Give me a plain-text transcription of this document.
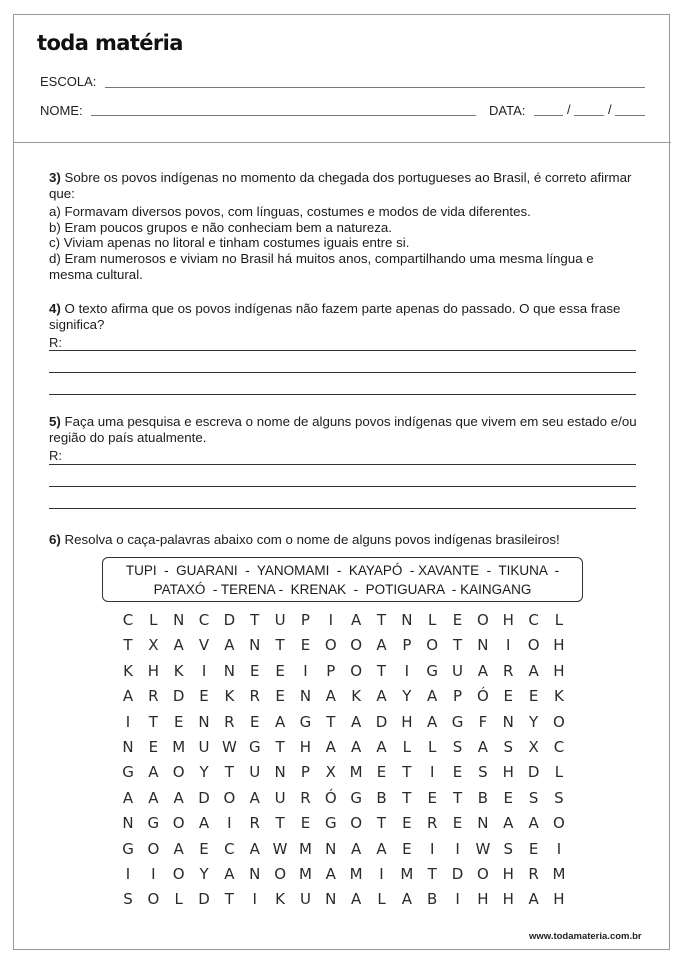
toda matéria
ESCOLA:
NOME:	DATA:	/	/
3) Sobre os povos indígenas no momento da chegada dos portugueses ao Brasil, é correto afirmar que:
a) Formavam diversos povos, com línguas, costumes e modos de vida diferentes.
b) Eram poucos grupos e não conheciam bem a natureza.
c) Viviam apenas no litoral e tinham costumes iguais entre si.
d) Eram numerosos e viviam no Brasil há muitos anos, compartilhando uma mesma língua e mesma cultural.
4) O texto afirma que os povos indígenas não fazem parte apenas do passado. O que essa frase significa?
R:
5) Faça uma pesquisa e escreva o nome de alguns povos indígenas que vivem em seu estado e/ou região do país atualmente.
R:
6) Resolva o caça-palavras abaixo com o nome de alguns povos indígenas brasileiros!
TUPI  -  GUARANI  -  YANOMAMI  -  KAYAPÓ  - XAVANTE  -  TIKUNA  -
PATAXÓ  - TERENA -  KRENAK  -  POTIGUARA  - KAINGANG
C	L	N C D T	U	P	I	A	T	N	L	E O H C	L
T	X	A	V	A N	T	E O O A	P O T	N	I	O H
K H K	I	N	E	E	I	P O T	I	G U A	R A H
A	R D E	K	R	E N A	K	A	Y	A	P Ó E	E	K
I	T	E	N R	E	A G T	A D H A G	F	N	Y O
N E M U W G T	H A	A	A	L	L	S	A	S	X C
G A O Y	T	U N	P	X M E	T	I	E	S H D	L
A	A	A D O A U R Ó G B	T	E	T	B	E	S	S
N G O A	I	R	T	E G O T	E	R	E N A	A O
G O A	E	C A W M N A	A	E	I	I	W S	E	I
I	I	O Y	A N O M A M	I	M T	D O H R M
S O	L	D T	I	K U N A	L	A	B	I	H H A H
www.todamateria.com.br
